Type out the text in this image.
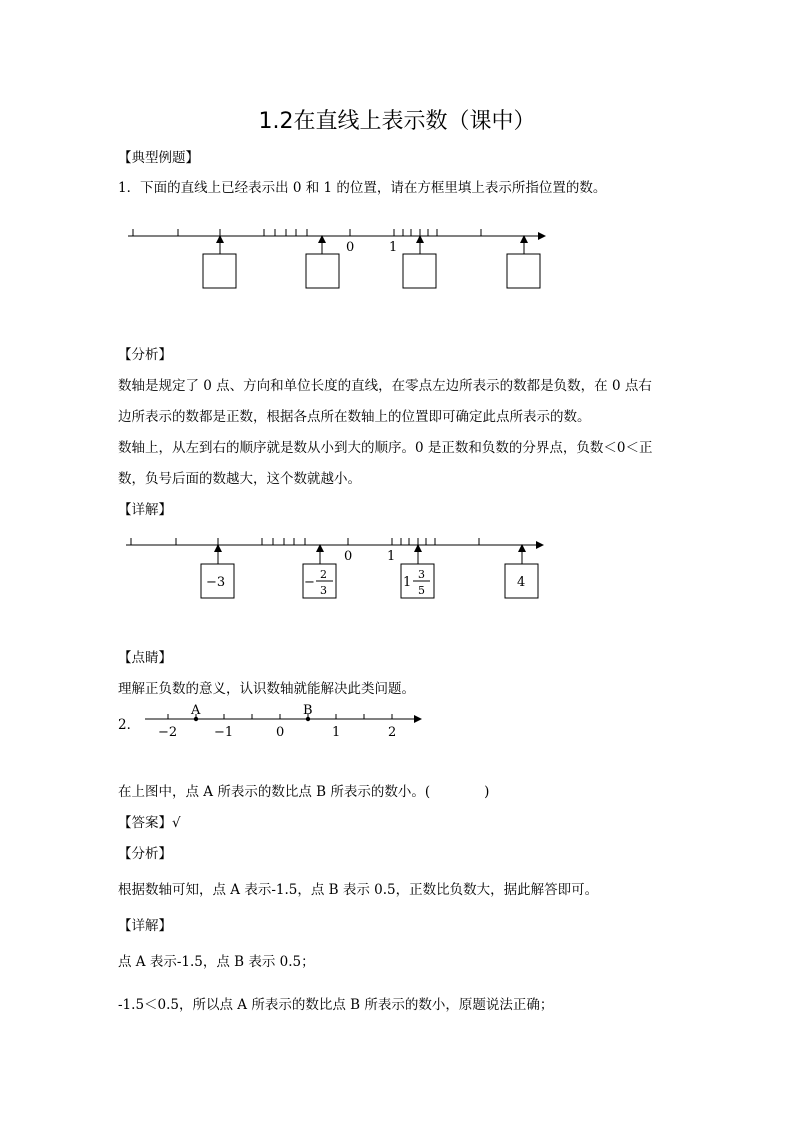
1.2在直线上表示数（课中）
【典型例题】
1．下面的直线上已经表示出 0 和 1 的位置，请在方框里填上表示所指位置的数。
0	1
【分析】
数轴是规定了 0 点、方向和单位长度的直线，在零点左边所表示的数都是负数，在 0 点右
边所表示的数都是正数，根据各点所在数轴上的位置即可确定此点所表示的数。
数轴上，从左到右的顺序就是数从小到大的顺序。0 是正数和负数的分界点，负数＜0＜正
数，负号后面的数越大，这个数就越小。
【详解】
0	1
−3	−
2
3
1
3
5
4
【点睛】
理解正负数的意义，认识数轴就能解决此类问题。
2．
A	B
−2	−1	0	1	2
在上图中，点 A 所表示的数比点 B 所表示的数小。(　　　　)
【答案】√
【分析】
根据数轴可知，点 A 表示-1.5，点 B 表示 0.5，正数比负数大，据此解答即可。
【详解】
点 A 表示-1.5，点 B 表示 0.5；
-1.5＜0.5，所以点 A 所表示的数比点 B 所表示的数小，原题说法正确；
